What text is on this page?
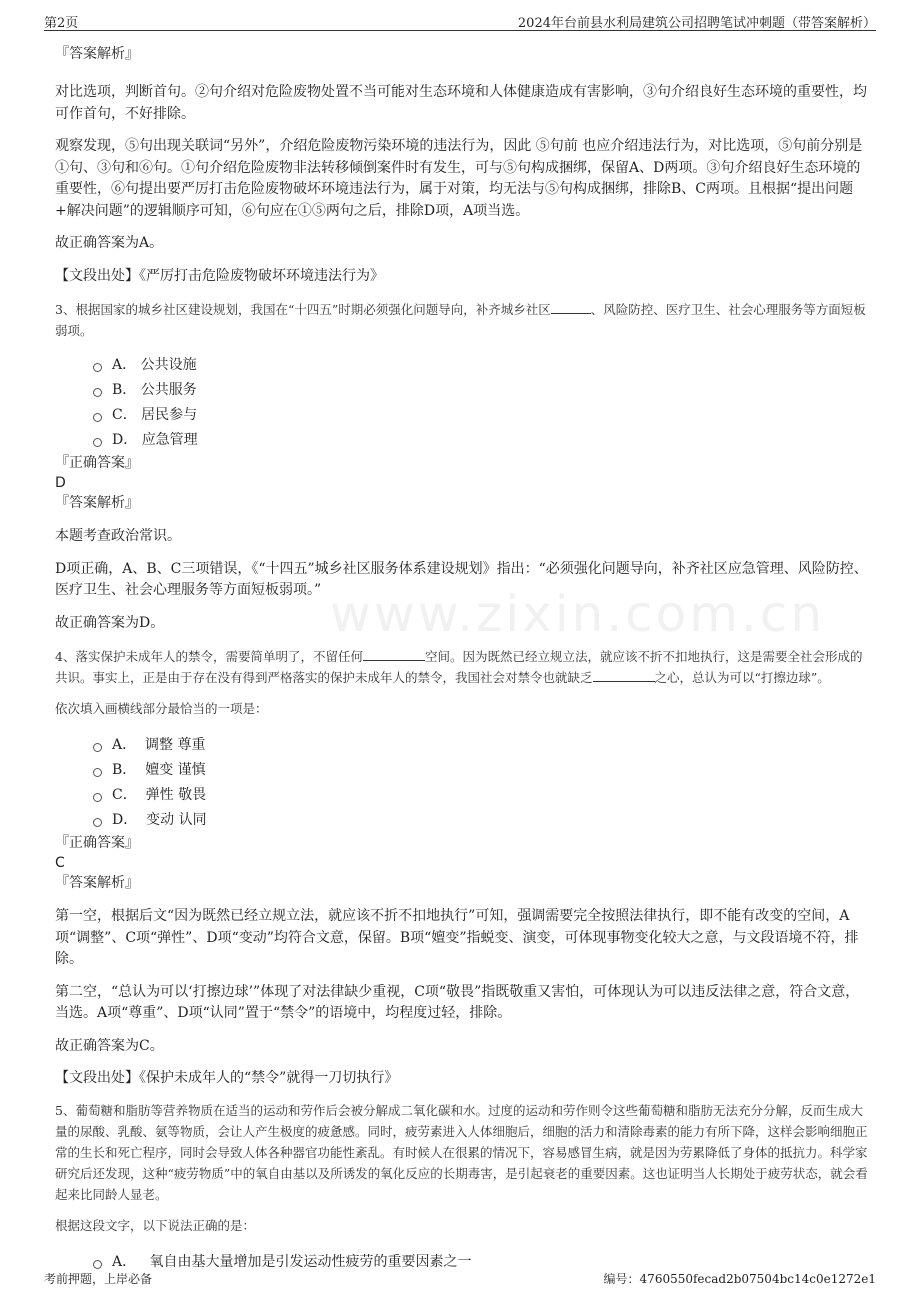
第2页	2024年台前县水利局建筑公司招聘笔试冲刺题（带答案解析）
www.zixin.com.cn

『答案解析』

对比选项，判断首句。②句介绍对危险废物处置不当可能对生态环境和人体健康造成有害影响，③句介绍良好生态环境的重要性，均可作首句，不好排除。

观察发现，⑤句出现关联词“另外”，介绍危险废物污染环境的违法行为，因此 ⑤句前 也应介绍违法行为，对比选项，⑤句前分别是①句、③句和⑥句。①句介绍危险废物非法转移倾倒案件时有发生，可与⑤句构成捆绑，保留A、D两项。③句介绍良好生态环境的重要性，⑥句提出要严厉打击危险废物破坏环境违法行为，属于对策，均无法与⑤句构成捆绑，排除B、C两项。且根据“提出问题+解决问题”的逻辑顺序可知，⑥句应在①⑤两句之后，排除D项，A项当选。

故正确答案为A。

【文段出处】《严厉打击危险废物破坏环境违法行为》

3、根据国家的城乡社区建设规划，我国在“十四五”时期必须强化问题导向，补齐城乡社区	、风险防控、医疗卫生、社会心理服务等方面短板弱项。

A． 公共设施
B． 公共服务
C． 居民参与
D． 应急管理

『正确答案』

D

『答案解析』

本题考查政治常识。

D项正确，A、B、C三项错误，《“十四五”城乡社区服务体系建设规划》指出：“必须强化问题导向，补齐社区应急管理、风险防控、医疗卫生、社会心理服务等方面短板弱项。”

故正确答案为D。

4、落实保护未成年人的禁令，需要简单明了，不留任何	空间。因为既然已经立规立法，就应该不折不扣地执行，这是需要全社会形成的共识。事实上，正是由于存在没有得到严格落实的保护未成年人的禁令，我国社会对禁令也就缺乏	之心，总认为可以“打擦边球”。

依次填入画横线部分最恰当的一项是：

A． 调整 尊重
B． 嬗变 谨慎
C． 弹性 敬畏
D． 变动 认同

『正确答案』

C

『答案解析』

第一空，根据后文“因为既然已经立规立法，就应该不折不扣地执行”可知，强调需要完全按照法律执行，即不能有改变的空间，A项“调整”、C项“弹性”、D项“变动”均符合文意，保留。B项“嬗变”指蜕变、演变，可体现事物变化较大之意，与文段语境不符，排除。

第二空，“总认为可以‘打擦边球’”体现了对法律缺少重视，C项“敬畏”指既敬重又害怕，可体现认为可以违反法律之意，符合文意，当选。A项“尊重”、D项“认同”置于“禁令”的语境中，均程度过轻，排除。

故正确答案为C。

【文段出处】《保护未成年人的“禁令”就得一刀切执行》

5、葡萄糖和脂肪等营养物质在适当的运动和劳作后会被分解成二氧化碳和水。过度的运动和劳作则令这些葡萄糖和脂肪无法充分分解，反而生成大量的尿酸、乳酸、氨等物质，会让人产生极度的疲惫感。同时，疲劳素进入人体细胞后，细胞的活力和清除毒素的能力有所下降，这样会影响细胞正常的生长和死亡程序，同时会导致人体各种器官功能性紊乱。有时候人在很累的情况下，容易感冒生病，就是因为劳累降低了身体的抵抗力。科学家研究后还发现，这种“疲劳物质”中的氧自由基以及所诱发的氧化反应的长期毒害，是引起衰老的重要因素。这也证明当人长期处于疲劳状态，就会看起来比同龄人显老。

根据这段文字，以下说法正确的是：

A． 氧自由基大量增加是引发运动性疲劳的重要因素之一
考前押题，上岸必备	编号：4760550fecad2b07504bc14c0e1272e1
